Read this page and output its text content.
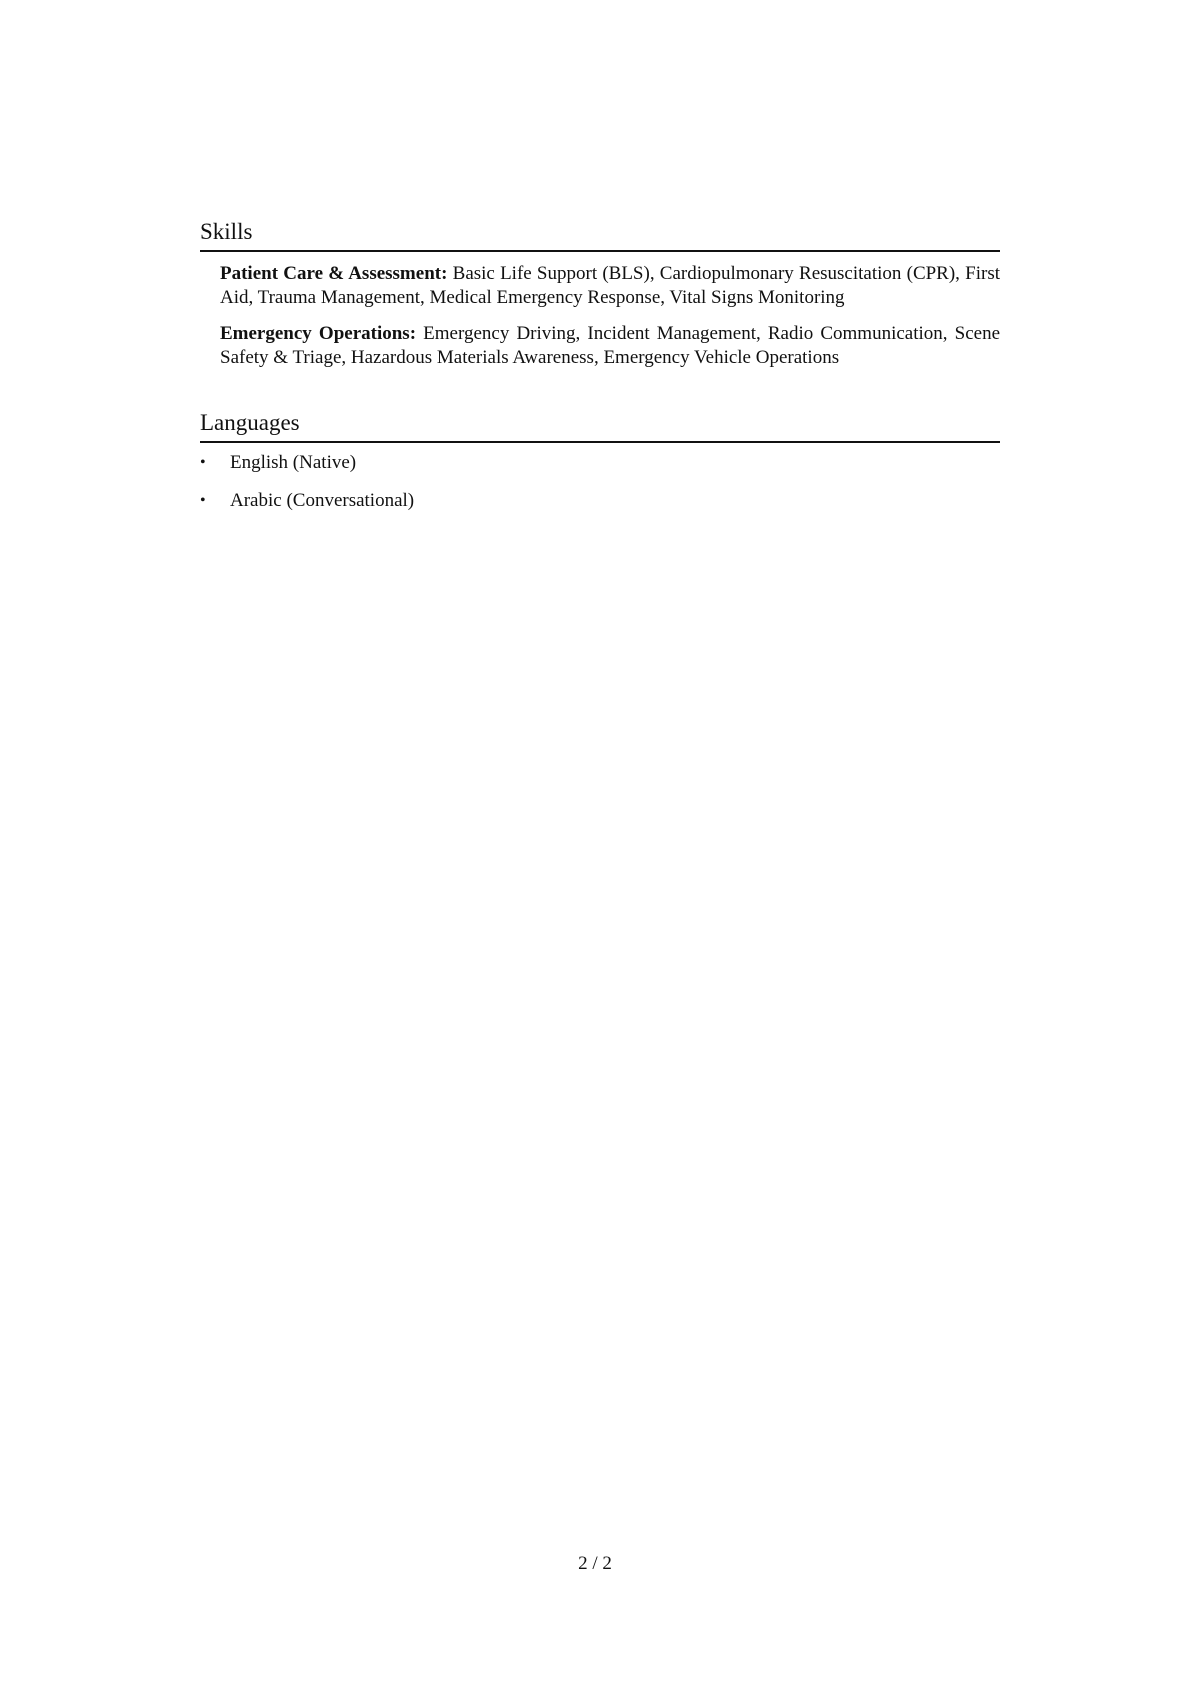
Skills

Patient Care & Assessment: Basic Life Support (BLS), Cardiopulmonary Resuscitation (CPR), First Aid, Trauma Management, Medical Emergency Response, Vital Signs Monitoring

Emergency Operations: Emergency Driving, Incident Management, Radio Communication, Scene Safety & Triage, Hazardous Materials Awareness, Emergency Vehicle Operations

Languages
• English (Native)
• Arabic (Conversational)
2 / 2
